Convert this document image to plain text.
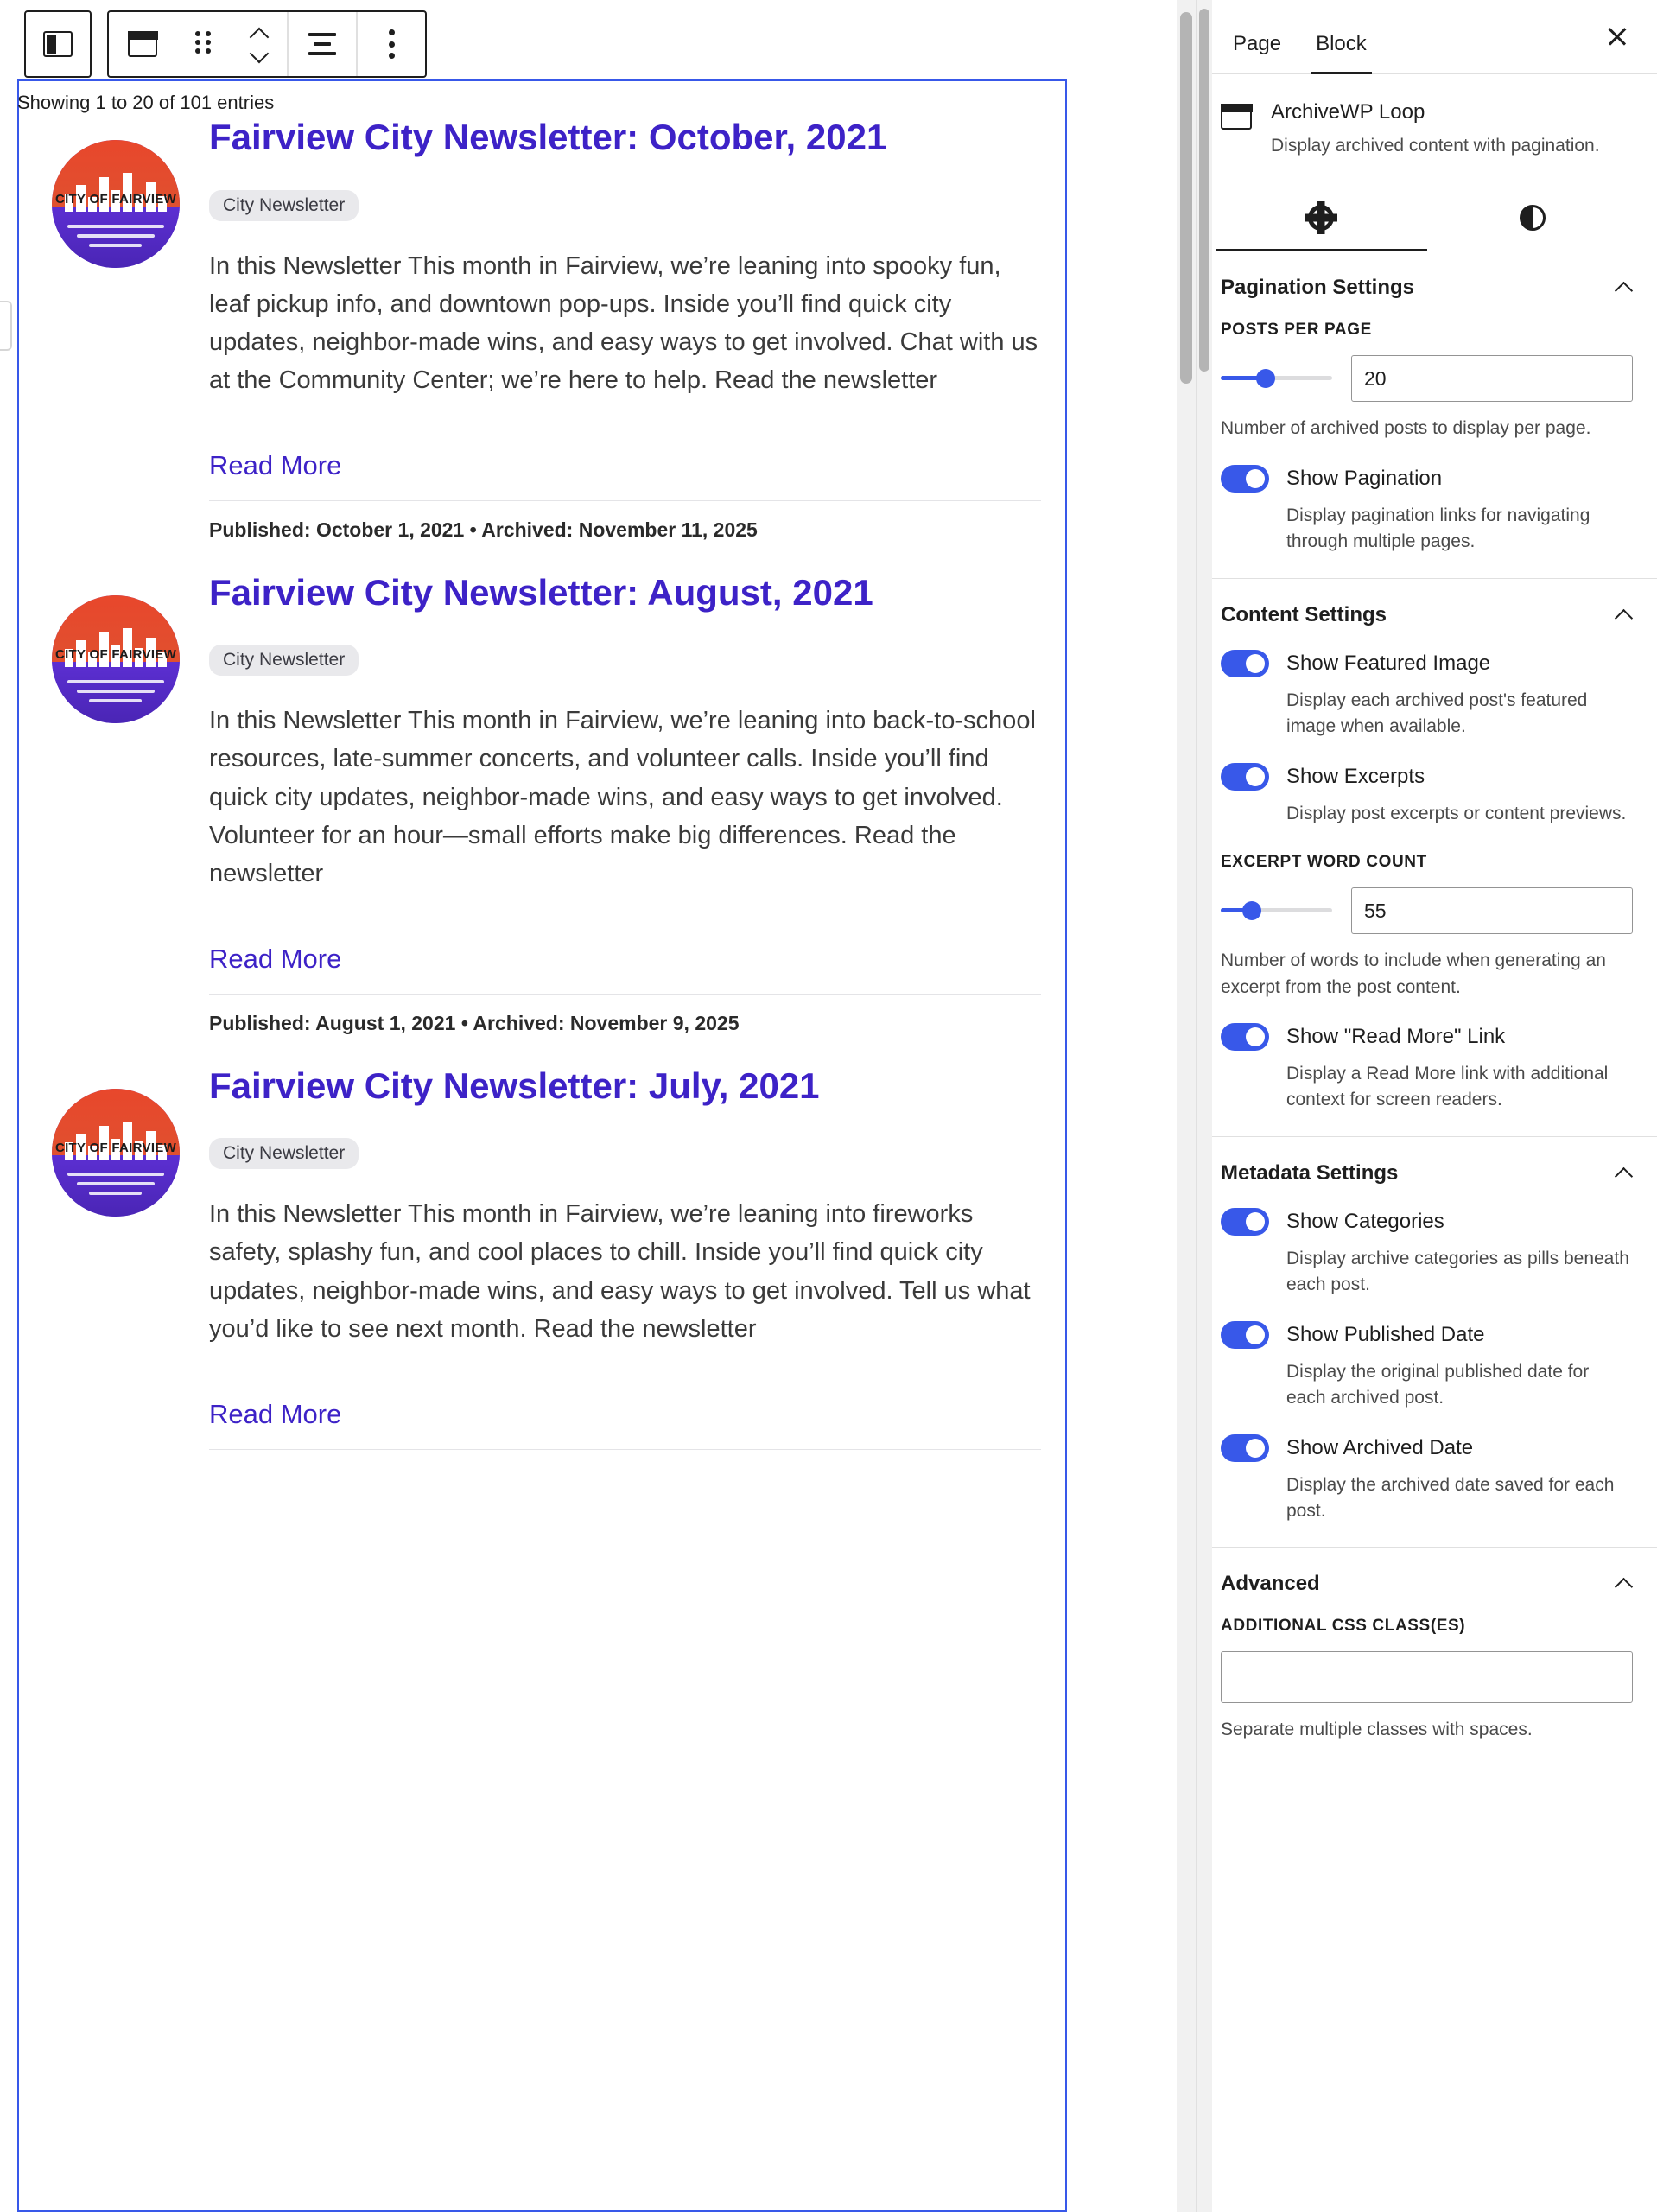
Showing 1 to 20 of 101 entries
CITY OF FAIRVIEW
Fairview City Newsletter: October, 2021
City Newsletter

In this Newsletter This month in Fairview, we’re leaning into spooky fun, leaf pickup info, and downtown pop-ups. Inside you’ll find quick city updates, neighbor-made wins, and easy ways to get involved. Chat with us at the Community Center; we’re here to help. Read the newsletter

Read More
Published: October 1, 2021 • Archived: November 11, 2025
CITY OF FAIRVIEW
Fairview City Newsletter: August, 2021
City Newsletter

In this Newsletter This month in Fairview, we’re leaning into back-to-school resources, late-summer concerts, and volunteer calls. Inside you’ll find quick city updates, neighbor-made wins, and easy ways to get involved. Volunteer for an hour—small efforts make big differences. Read the newsletter

Read More
Published: August 1, 2021 • Archived: November 9, 2025
CITY OF FAIRVIEW
Fairview City Newsletter: July, 2021
City Newsletter

In this Newsletter This month in Fairview, we’re leaning into fireworks safety, splashy fun, and cool places to chill. Inside you’ll find quick city updates, neighbor-made wins, and easy ways to get involved. Tell us what you’d like to see next month. Read the newsletter

Read More
Page	Block
ArchiveWP Loop
Display archived content with pagination.
Pagination Settings
POSTS PER PAGE
20
Number of archived posts to display per page.
Show Pagination
Display pagination links for navigating through multiple pages.
Content Settings
Show Featured Image
Display each archived post's featured image when available.
Show Excerpts
Display post excerpts or content previews.
EXCERPT WORD COUNT
55
Number of words to include when generating an excerpt from the post content.
Show "Read More" Link
Display a Read More link with additional context for screen readers.
Metadata Settings
Show Categories
Display archive categories as pills beneath each post.
Show Published Date
Display the original published date for each archived post.
Show Archived Date
Display the archived date saved for each post.
Advanced
ADDITIONAL CSS CLASS(ES)
Separate multiple classes with spaces.
